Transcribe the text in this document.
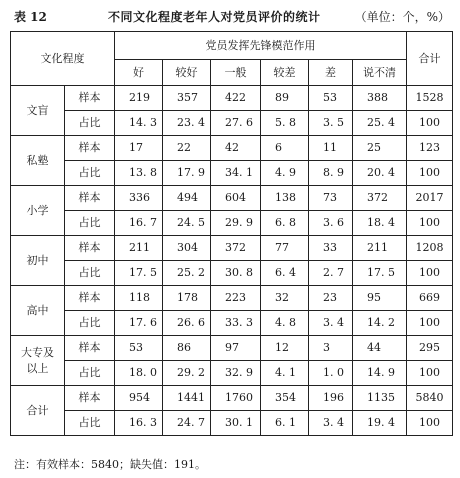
表 12	不同文化程度老年人对党员评价的统计	（单位：个，%）
文化程度		党员发挥先锋模范作用						合计
		好	较好	一般	较差	差	说不清	
文盲	样本	219	357	422	89	53	388	1528
	占比	14. 3	23. 4	27. 6	5. 8	3. 5	25. 4	100
私塾	样本	17	22	42	6	11	25	123
	占比	13. 8	17. 9	34. 1	4. 9	8. 9	20. 4	100
小学	样本	336	494	604	138	73	372	2017
	占比	16. 7	24. 5	29. 9	6. 8	3. 6	18. 4	100
初中	样本	211	304	372	77	33	211	1208
	占比	17. 5	25. 2	30. 8	6. 4	2. 7	17. 5	100
高中	样本	118	178	223	32	23	95	669
	占比	17. 6	26. 6	33. 3	4. 8	3. 4	14. 2	100
大专及以上	样本	53	86	97	12	3	44	295
	占比	18. 0	29. 2	32. 9	4. 1	1. 0	14. 9	100
合计	样本	954	1441	1760	354	196	1135	5840
	占比	16. 3	24. 7	30. 1	6. 1	3. 4	19. 4	100
注：有效样本：5840；缺失值：191。
